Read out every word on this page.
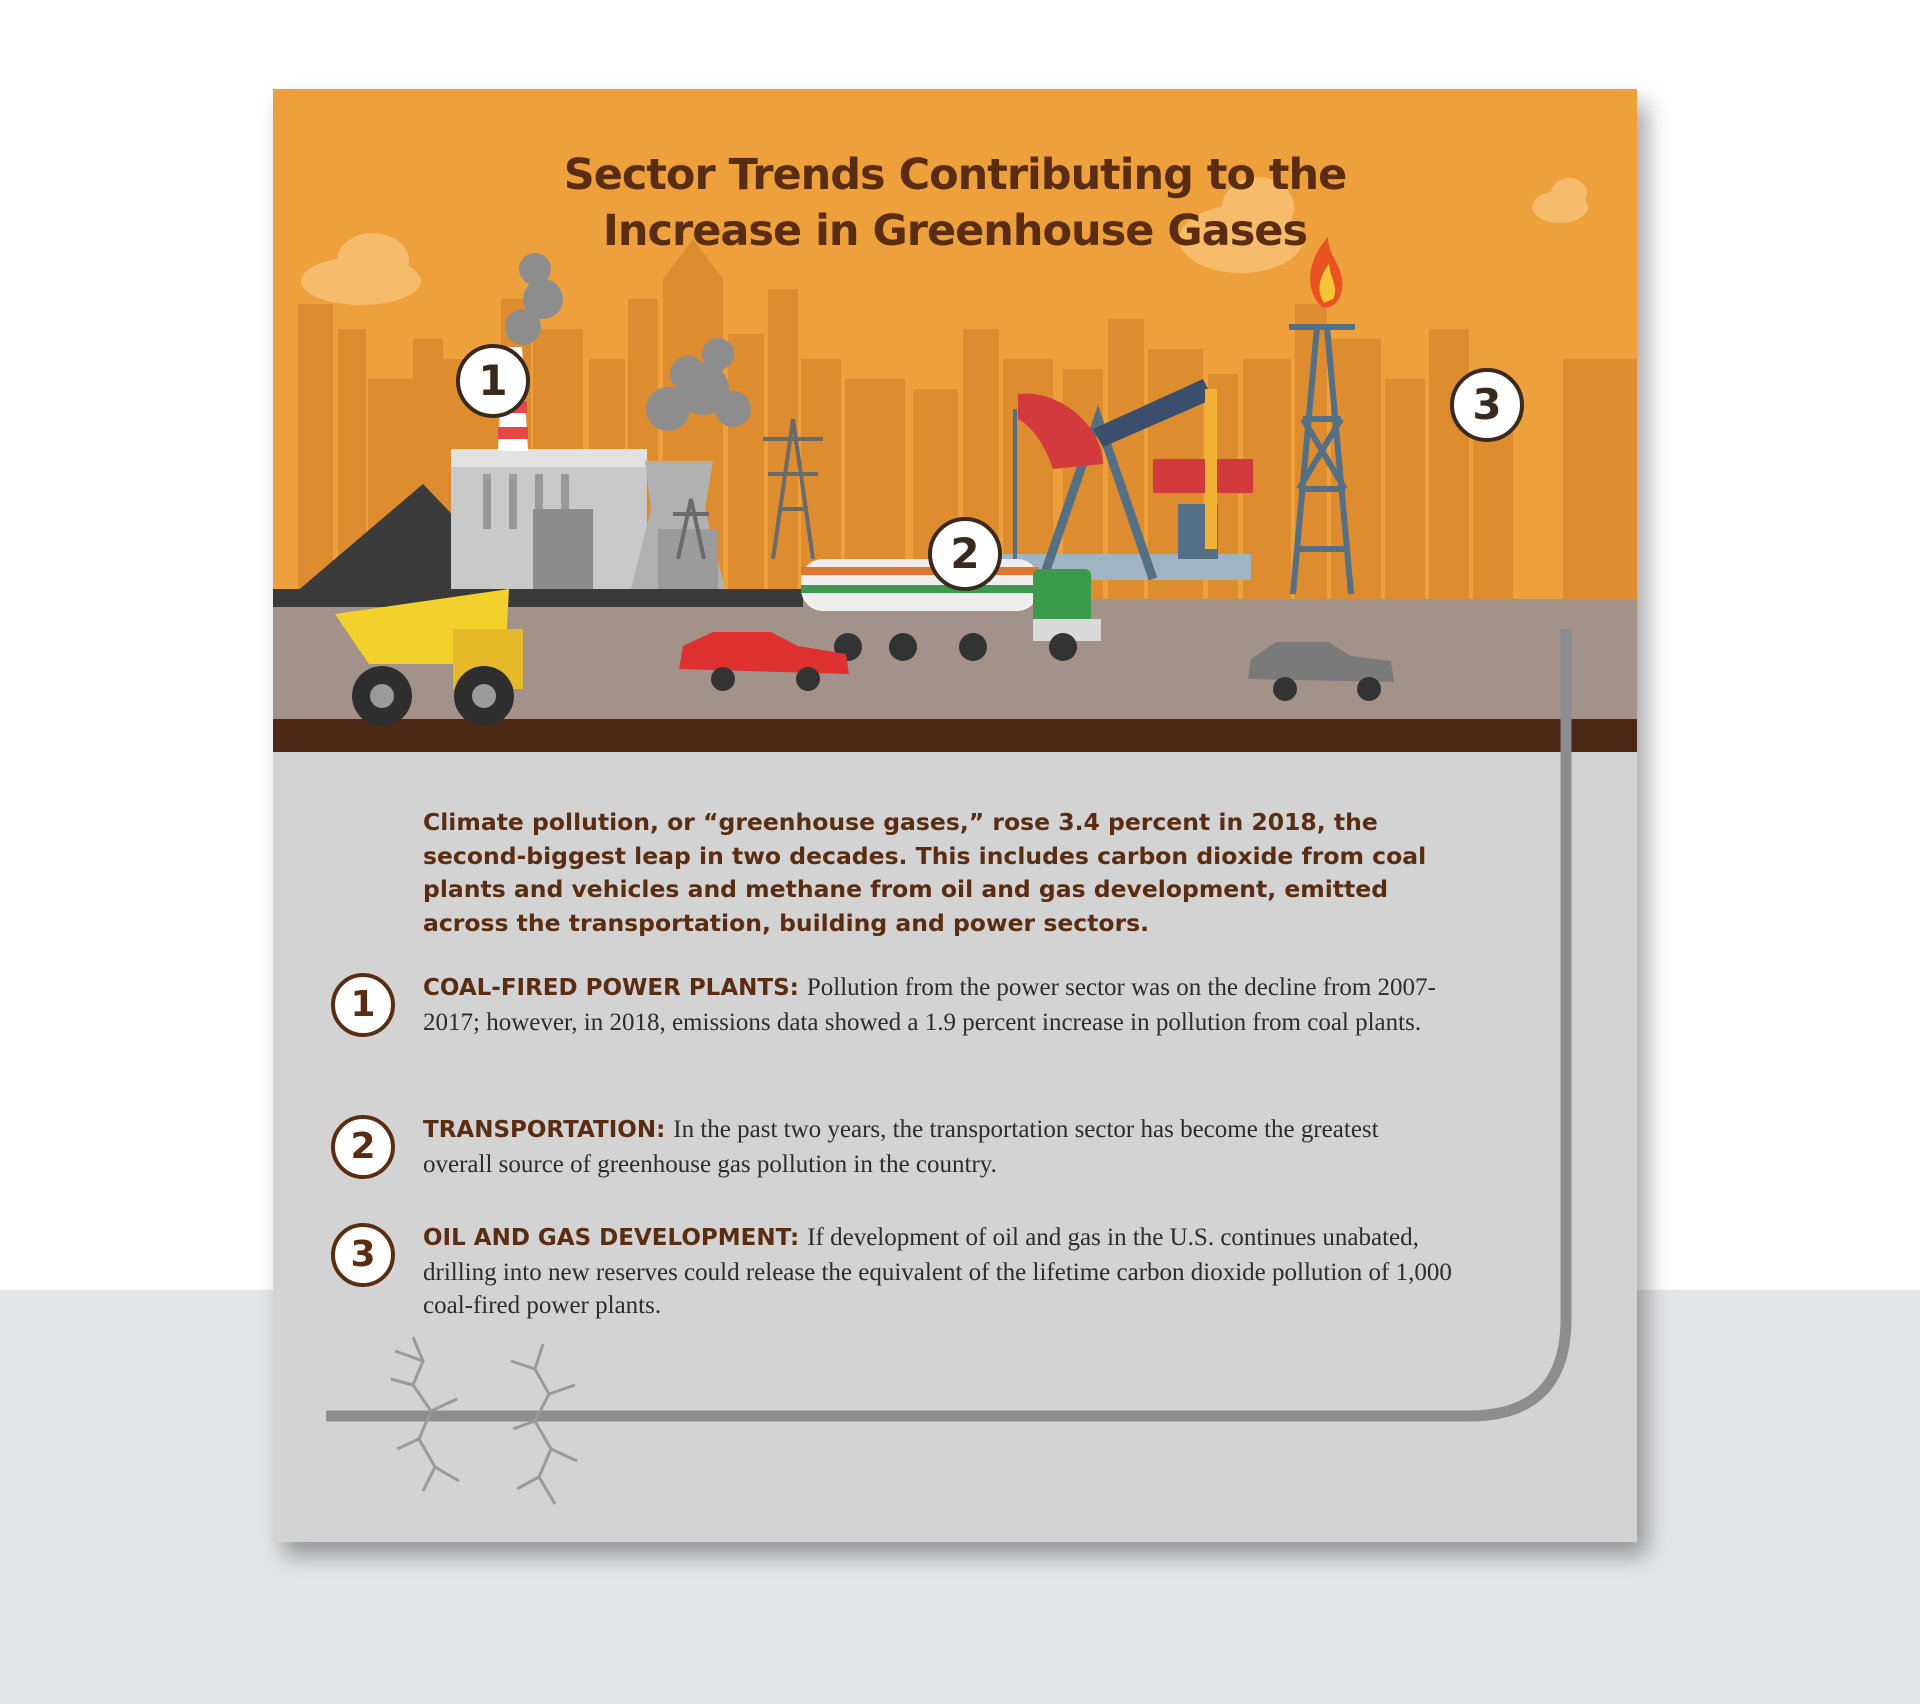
Sector Trends Contributing to the
Increase in Greenhouse Gases
1
2
3

Climate pollution, or “greenhouse gases,” rose 3.4 percent in 2018, the second-biggest leap in two decades. This includes carbon dioxide from coal plants and vehicles and methane from oil and gas development, emitted across the transportation, building and power sectors.

1	COAL-FIRED POWER PLANTS: Pollution from the power sector was on the decline from 2007-2017; however, in 2018, emissions data showed a 1.9 percent increase in pollution from coal plants.

2	TRANSPORTATION: In the past two years, the transportation sector has become the greatest overall source of greenhouse gas pollution in the country.

3	OIL AND GAS DEVELOPMENT: If development of oil and gas in the U.S. continues unabated, drilling into new reserves could release the equivalent of the lifetime carbon dioxide pollution of 1,000 coal-fired power plants.
